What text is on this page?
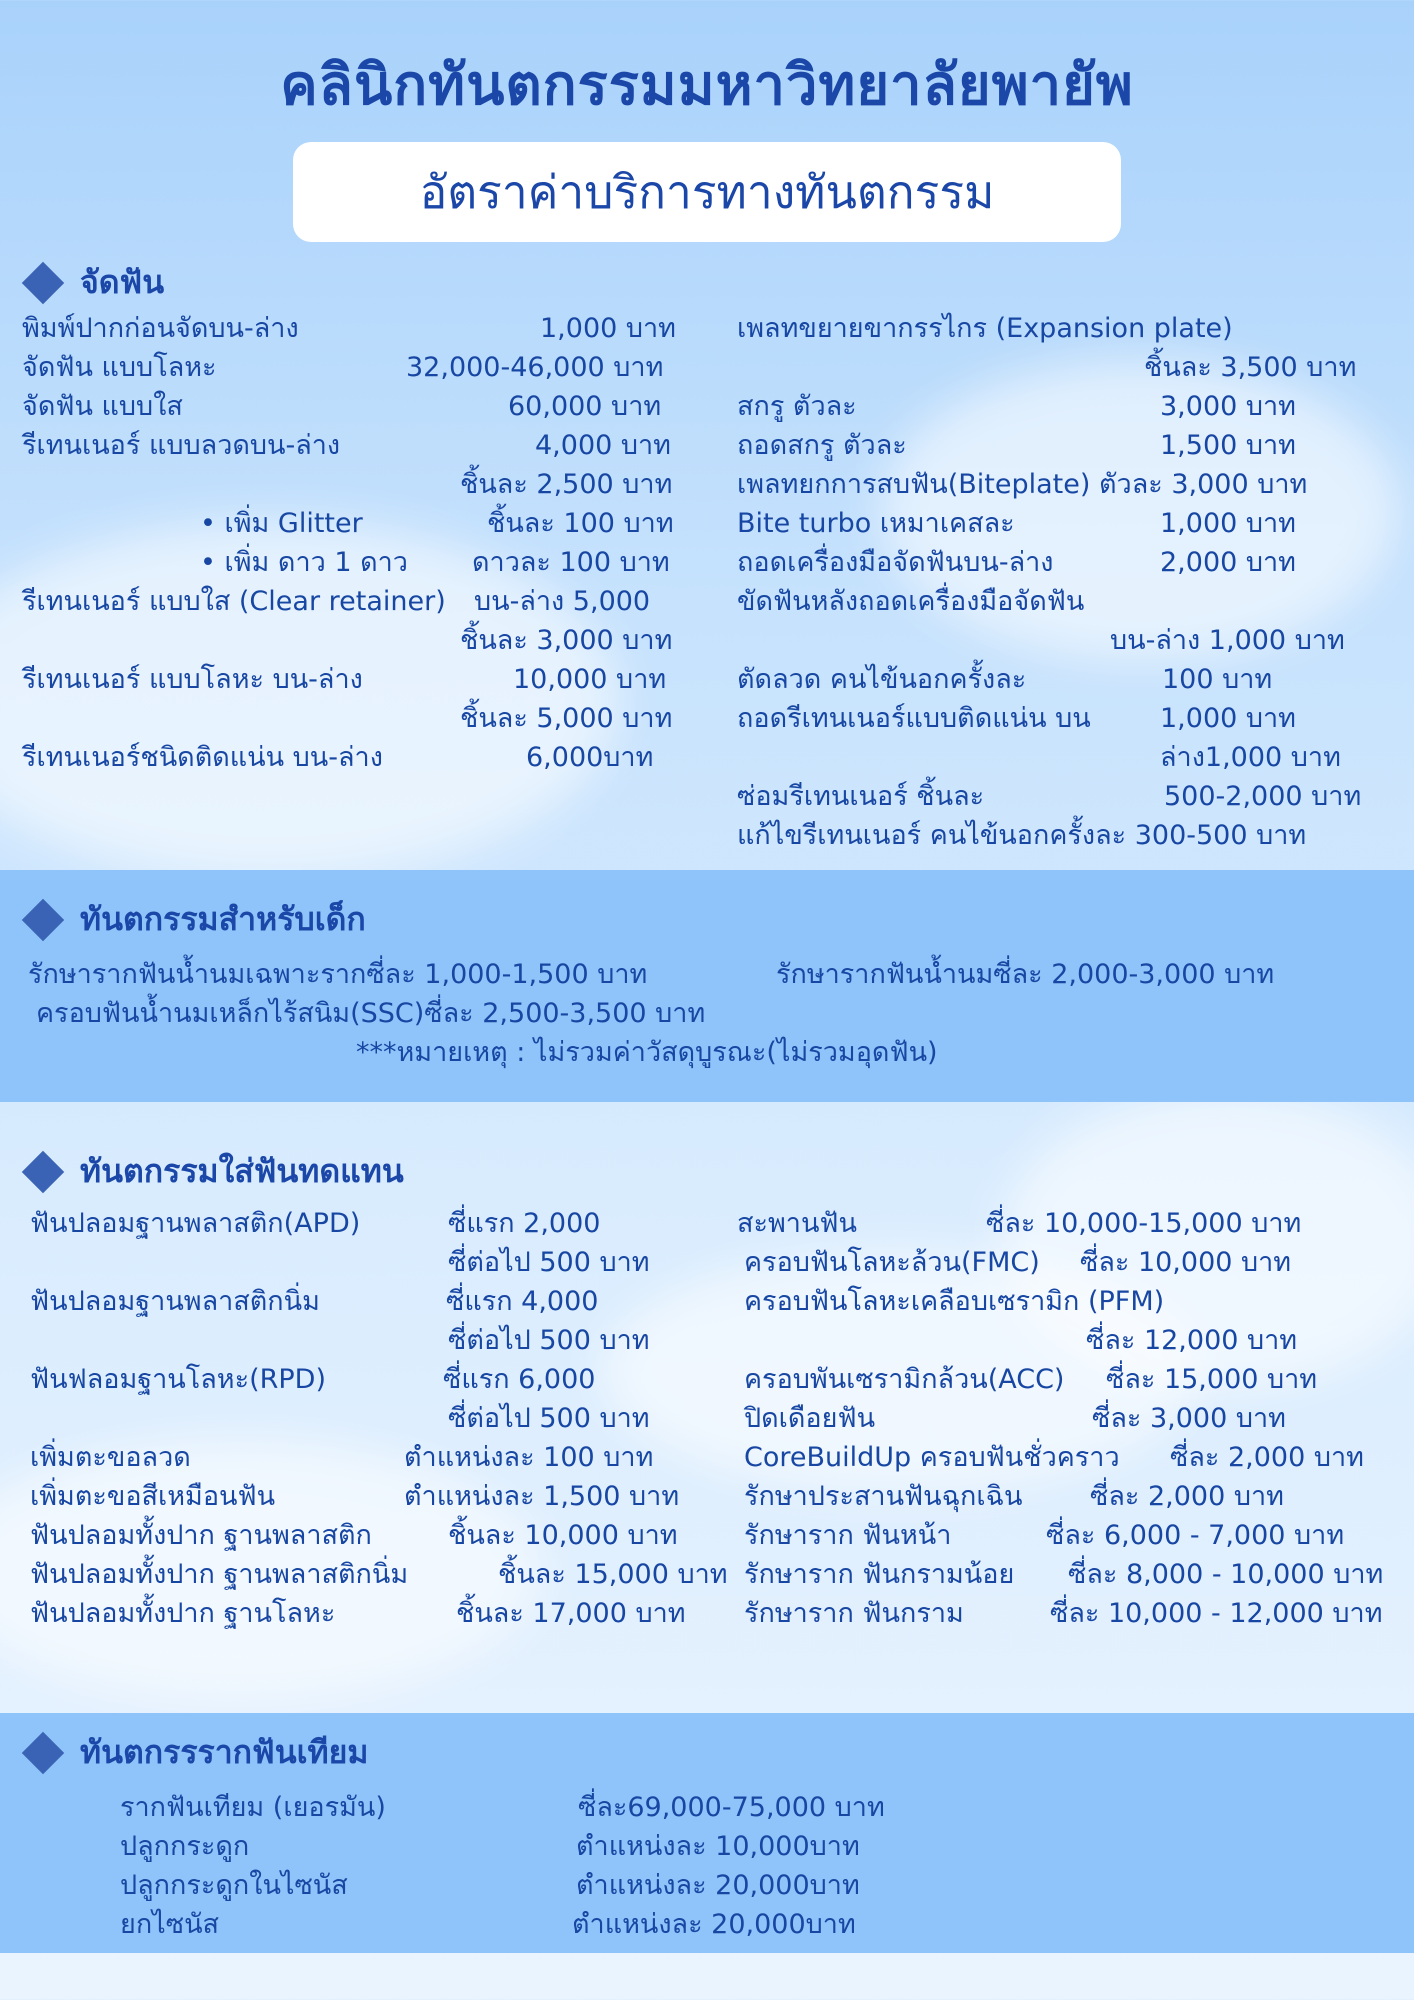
คลินิกทันตกรรมมหาวิทยาลัยพายัพ
อัตราค่าบริการทางทันตกรรม
จัดฟัน
พิมพ์ปากก่อนจัดบน-ล่าง	1,000 บาท
จัดฟัน แบบโลหะ	32,000-46,000 บาท
จัดฟัน แบบใส	60,000 บาท
รีเทนเนอร์ แบบลวดบน-ล่าง	4,000 บาท
ชิ้นละ 2,500 บาท
• เพิ่ม Glitter	ชิ้นละ 100 บาท
• เพิ่ม ดาว 1 ดาว ดาวละ 100 บาท
รีเทนเนอร์ แบบใส (Clear retainer) บน-ล่าง 5,000
ชิ้นละ 3,000 บาท
รีเทนเนอร์ แบบโลหะ บน-ล่าง	10,000 บาท
ชิ้นละ 5,000 บาท
รีเทนเนอร์ชนิดติดแน่น บน-ล่าง	6,000บาท
เพลทขยายขากรรไกร (Expansion plate)
ชิ้นละ 3,500 บาท
สกรู ตัวละ	3,000 บาท
ถอดสกรู ตัวละ	1,500 บาท
เพลทยกการสบฟัน(Biteplate) ตัวละ 3,000 บาท
Bite turbo เหมาเคสละ	1,000 บาท
ถอดเครื่องมือจัดฟันบน-ล่าง	2,000 บาท
ขัดฟันหลังถอดเครื่องมือจัดฟัน
บน-ล่าง 1,000 บาท
ตัดลวด คนไข้นอกครั้งละ	100 บาท
ถอดรีเทนเนอร์แบบติดแน่น บน	1,000 บาท
ล่าง1,000 บาท
ซ่อมรีเทนเนอร์ ชิ้นละ	500-2,000 บาท
แก้ไขรีเทนเนอร์ คนไข้นอกครั้งละ 300-500 บาท
ทันตกรรมสำหรับเด็ก
รักษารากฟันน้ำนมเฉพาะรากซี่ละ 1,000-1,500 บาท	รักษารากฟันน้ำนมซี่ละ 2,000-3,000 บาท
ครอบฟันน้ำนมเหล็กไร้สนิม(SSC)ซี่ละ 2,500-3,500 บาท
***หมายเหตุ : ไม่รวมค่าวัสดุบูรณะ(ไม่รวมอุดฟัน)
ทันตกรรมใส่ฟันทดแทน
ฟันปลอมฐานพลาสติก(APD)	ซี่แรก 2,000
ซี่ต่อไป 500 บาท
ฟันปลอมฐานพลาสติกนิ่ม	ซี่แรก 4,000
ซี่ต่อไป 500 บาท
ฟันฟลอมฐานโลหะ(RPD)	ซี่แรก 6,000
ซี่ต่อไป 500 บาท
เพิ่มตะขอลวด	ตำแหน่งละ 100 บาท
เพิ่มตะขอสีเหมือนฟัน	ตำแหน่งละ 1,500 บาท
ฟันปลอมทั้งปาก ฐานพลาสติก	ชิ้นละ 10,000 บาท
ฟันปลอมทั้งปาก ฐานพลาสติกนิ่ม	ชิ้นละ 15,000 บาท
ฟันปลอมทั้งปาก ฐานโลหะ	ชิ้นละ 17,000 บาท
สะพานฟัน	ซี่ละ 10,000-15,000 บาท
ครอบฟันโลหะล้วน(FMC) ซี่ละ 10,000 บาท
ครอบฟันโลหะเคลือบเซรามิก (PFM)
ซี่ละ 12,000 บาท
ครอบพันเซรามิกล้วน(ACC) ซี่ละ 15,000 บาท
ปิดเดือยฟัน	ซี่ละ 3,000 บาท
CoreBuildUp ครอบฟันชั่วคราว ซี่ละ 2,000 บาท
รักษาประสานฟันฉุกเฉิน	ซี่ละ 2,000 บาท
รักษาราก ฟันหน้า	ซี่ละ 6,000 - 7,000 บาท
รักษาราก ฟันกรามน้อย ซี่ละ 8,000 - 10,000 บาท
รักษาราก ฟันกราม	ซี่ละ 10,000 - 12,000 บาท
ทันตกรรรากฟันเทียม
รากฟันเทียม (เยอรมัน)	ซี่ละ69,000-75,000 บาท
ปลูกกระดูก	ตำแหน่งละ 10,000บาท
ปลูกกระดูกในไซนัส	ตำแหน่งละ 20,000บาท
ยกไซนัส	ตำแหน่งละ 20,000บาท
